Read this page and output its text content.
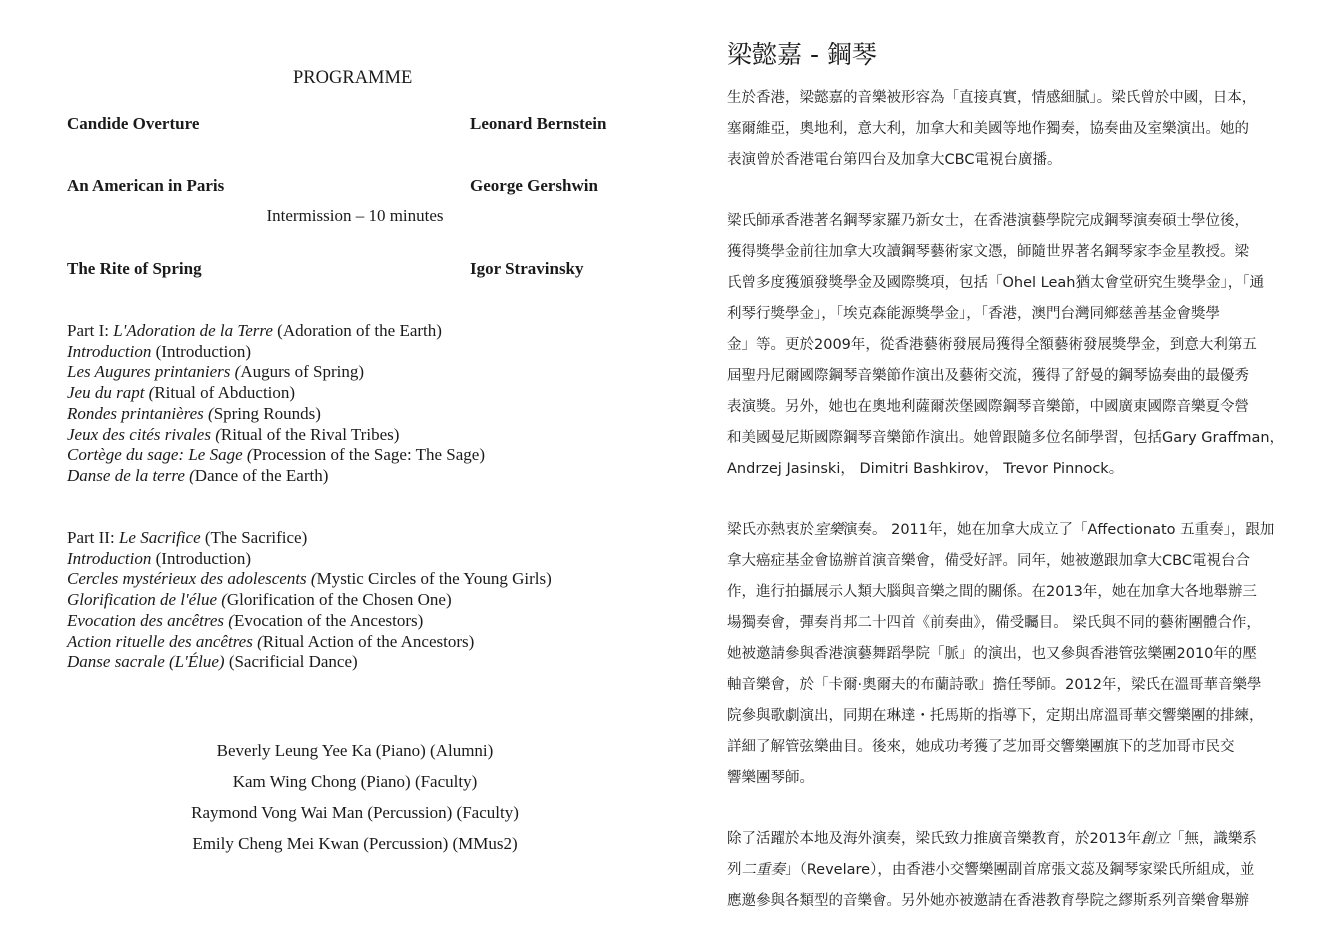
PROGRAMME
Candide Overture	Leonard Bernstein
An American in Paris	George Gershwin
Intermission – 10 minutes
The Rite of Spring	Igor Stravinsky
Part I: L'Adoration de la Terre (Adoration of the Earth)
Introduction (Introduction)
Les Augures printaniers (Augurs of Spring)
Jeu du rapt (Ritual of Abduction)
Rondes printanières (Spring Rounds)
Jeux des cités rivales (Ritual of the Rival Tribes)
Cortège du sage: Le Sage (Procession of the Sage: The Sage)
Danse de la terre (Dance of the Earth)
Part II: Le Sacrifice (The Sacrifice)
Introduction (Introduction)
Cercles mystérieux des adolescents (Mystic Circles of the Young Girls)
Glorification de l'élue (Glorification of the Chosen One)
Evocation des ancêtres (Evocation of the Ancestors)
Action rituelle des ancêtres (Ritual Action of the Ancestors)
Danse sacrale (L'Élue) (Sacrificial Dance)
Beverly Leung Yee Ka (Piano) (Alumni)
Kam Wing Chong (Piano) (Faculty)
Raymond Vong Wai Man (Percussion) (Faculty)
Emily Cheng Mei Kwan (Percussion) (MMus2)
梁懿嘉 - 鋼琴
生於香港，梁懿嘉的音樂被形容為「直接真實，情感細膩」。梁氏曾於中國，日本，
塞爾維亞，奧地利，意大利，加拿大和美國等地作獨奏，協奏曲及室樂演出。她的
表演曾於香港電台第四台及加拿大CBC電視台廣播。
梁氏師承香港著名鋼琴家羅乃新女士，在香港演藝學院完成鋼琴演奏碩士學位後，
獲得獎學金前往加拿大攻讀鋼琴藝術家文憑，師隨世界著名鋼琴家李金星教授。梁
氏曾多度獲頒發獎學金及國際獎項，包括「Ohel Leah猶太會堂研究生獎學金」，「通
利琴行獎學金」，「埃克森能源獎學金」，「香港，澳門台灣同鄉慈善基金會獎學
金」等。更於2009年，從香港藝術發展局獲得全額藝術發展獎學金，到意大利第五
屆聖丹尼爾國際鋼琴音樂節作演出及藝術交流，獲得了舒曼的鋼琴協奏曲的最優秀
表演獎。另外，她也在奧地利薩爾茨堡國際鋼琴音樂節，中國廣東國際音樂夏令營
和美國曼尼斯國際鋼琴音樂節作演出。她曾跟隨多位名師學習，包括Gary Graffman，
Andrzej Jasinski， Dimitri Bashkirov， Trevor Pinnock。
梁氏亦熱衷於室樂演奏。 2011年，她在加拿大成立了「Affectionato 五重奏」，跟加
拿大癌症基金會協辦首演音樂會，備受好評。同年，她被邀跟加拿大CBC電視台合
作，進行拍攝展示人類大腦與音樂之間的關係。在2013年，她在加拿大各地舉辦三
場獨奏會，彈奏肖邦二十四首《前奏曲》，備受矚目。 梁氏與不同的藝術團體合作，
她被邀請參與香港演藝舞蹈學院「脈」的演出，也又參與香港管弦樂團2010年的壓
軸音樂會，於「卡爾·奧爾夫的布蘭詩歌」擔任琴師。2012年，梁氏在溫哥華音樂學
院參與歌劇演出，同期在琳達・托馬斯的指導下，定期出席溫哥華交響樂團的排練，
詳細了解管弦樂曲目。後來，她成功考獲了芝加哥交響樂團旗下的芝加哥市民交
響樂團琴師。
除了活躍於本地及海外演奏，梁氏致力推廣音樂教育，於2013年創立「無，識樂系
列二重奏」（Revelare），由香港小交響樂團副首席張文蕊及鋼琴家梁氏所組成，並
應邀參與各類型的音樂會。另外她亦被邀請在香港教育學院之繆斯系列音樂會舉辦
